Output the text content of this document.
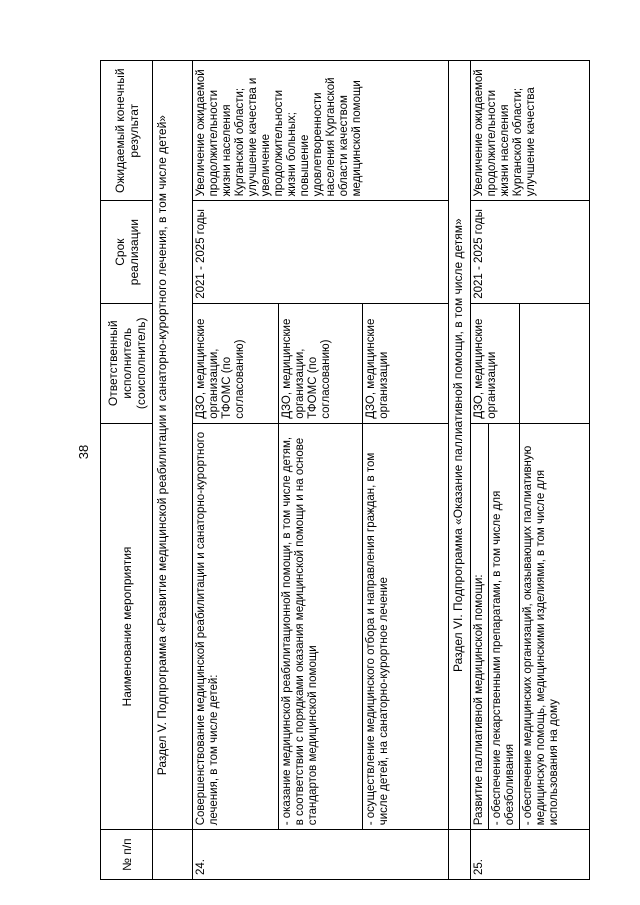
38
№ п/п	Наименование мероприятия	Ответственный исполнитель (соисполнитель)	Срок реализации	Ожидаемый конечный результат
	Раздел V. Подпрограмма «Развитие медицинской реабилитации и санаторно-курортного лечения, в том числе детей»			
24.	Совершенствование медицинской реабилитации и санаторно-курортного лечения, в том числе детей:	ДЗО, медицинские организации, ТФОМС (по согласованию)	2021 - 2025 годы	Увеличение ожидаемой продолжительности жизни населения Курганской области; улучшение качества и увеличение продолжительности жизни больных; повышение удовлетворенности населения Курганской области качеством медицинской помощи
	- оказание медицинской реабилитационной помощи, в том числе детям, в соответствии с порядками оказания медицинской помощи и на основе стандартов медицинской помощи	ДЗО, медицинские организации, ТФОМС (по согласованию)		
	- осуществление медицинского отбора и направления граждан, в том числе детей, на санаторно-курортное лечение	ДЗО, медицинские организации		
	Раздел VI. Подпрограмма «Оказание паллиативной помощи, в том числе детям»			
25.	Развитие паллиативной медицинской помощи:	ДЗО, медицинские организации	2021 - 2025 годы	Увеличение ожидаемой продолжительности жизни населения Курганской области; улучшение качества
	- обеспечение лекарственными препаратами, в том числе для обезболивания			
	- обеспечение медицинских организаций, оказывающих паллиативную медицинскую помощь, медицинскими изделиями, в том числе для использования на дому			
